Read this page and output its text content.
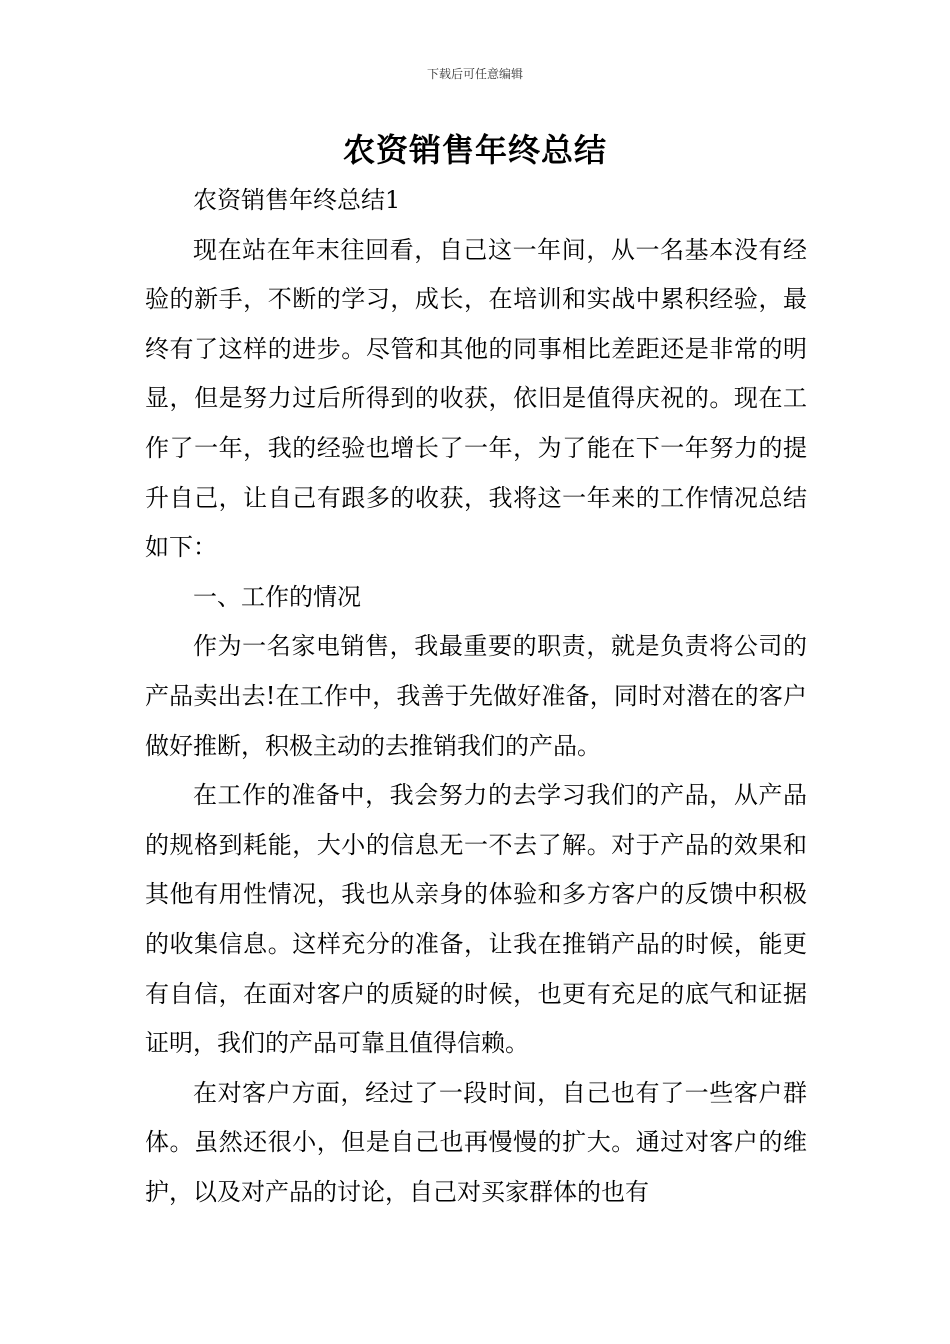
下载后可任意编辑
农资销售年终总结

农资销售年终总结1

现在站在年末往回看，自己这一年间，从一名基本没有经验的新手，不断的学习，成长，在培训和实战中累积经验，最终有了这样的进步。尽管和其他的同事相比差距还是非常的明显，但是努力过后所得到的收获，依旧是值得庆祝的。现在工作了一年，我的经验也增长了一年，为了能在下一年努力的提升自己，让自己有跟多的收获，我将这一年来的工作情况总结如下：

一、工作的情况

作为一名家电销售，我最重要的职责，就是负责将公司的产品卖出去!在工作中，我善于先做好准备，同时对潜在的客户做好推断，积极主动的去推销我们的产品。

在工作的准备中，我会努力的去学习我们的产品，从产品的规格到耗能，大小的信息无一不去了解。对于产品的效果和其他有用性情况，我也从亲身的体验和多方客户的反馈中积极的收集信息。这样充分的准备，让我在推销产品的时候，能更有自信，在面对客户的质疑的时候，也更有充足的底气和证据证明，我们的产品可靠且值得信赖。

在对客户方面，经过了一段时间，自己也有了一些客户群体。虽然还很小，但是自己也再慢慢的扩大。通过对客户的维护，以及对产品的讨论，自己对买家群体的也有
